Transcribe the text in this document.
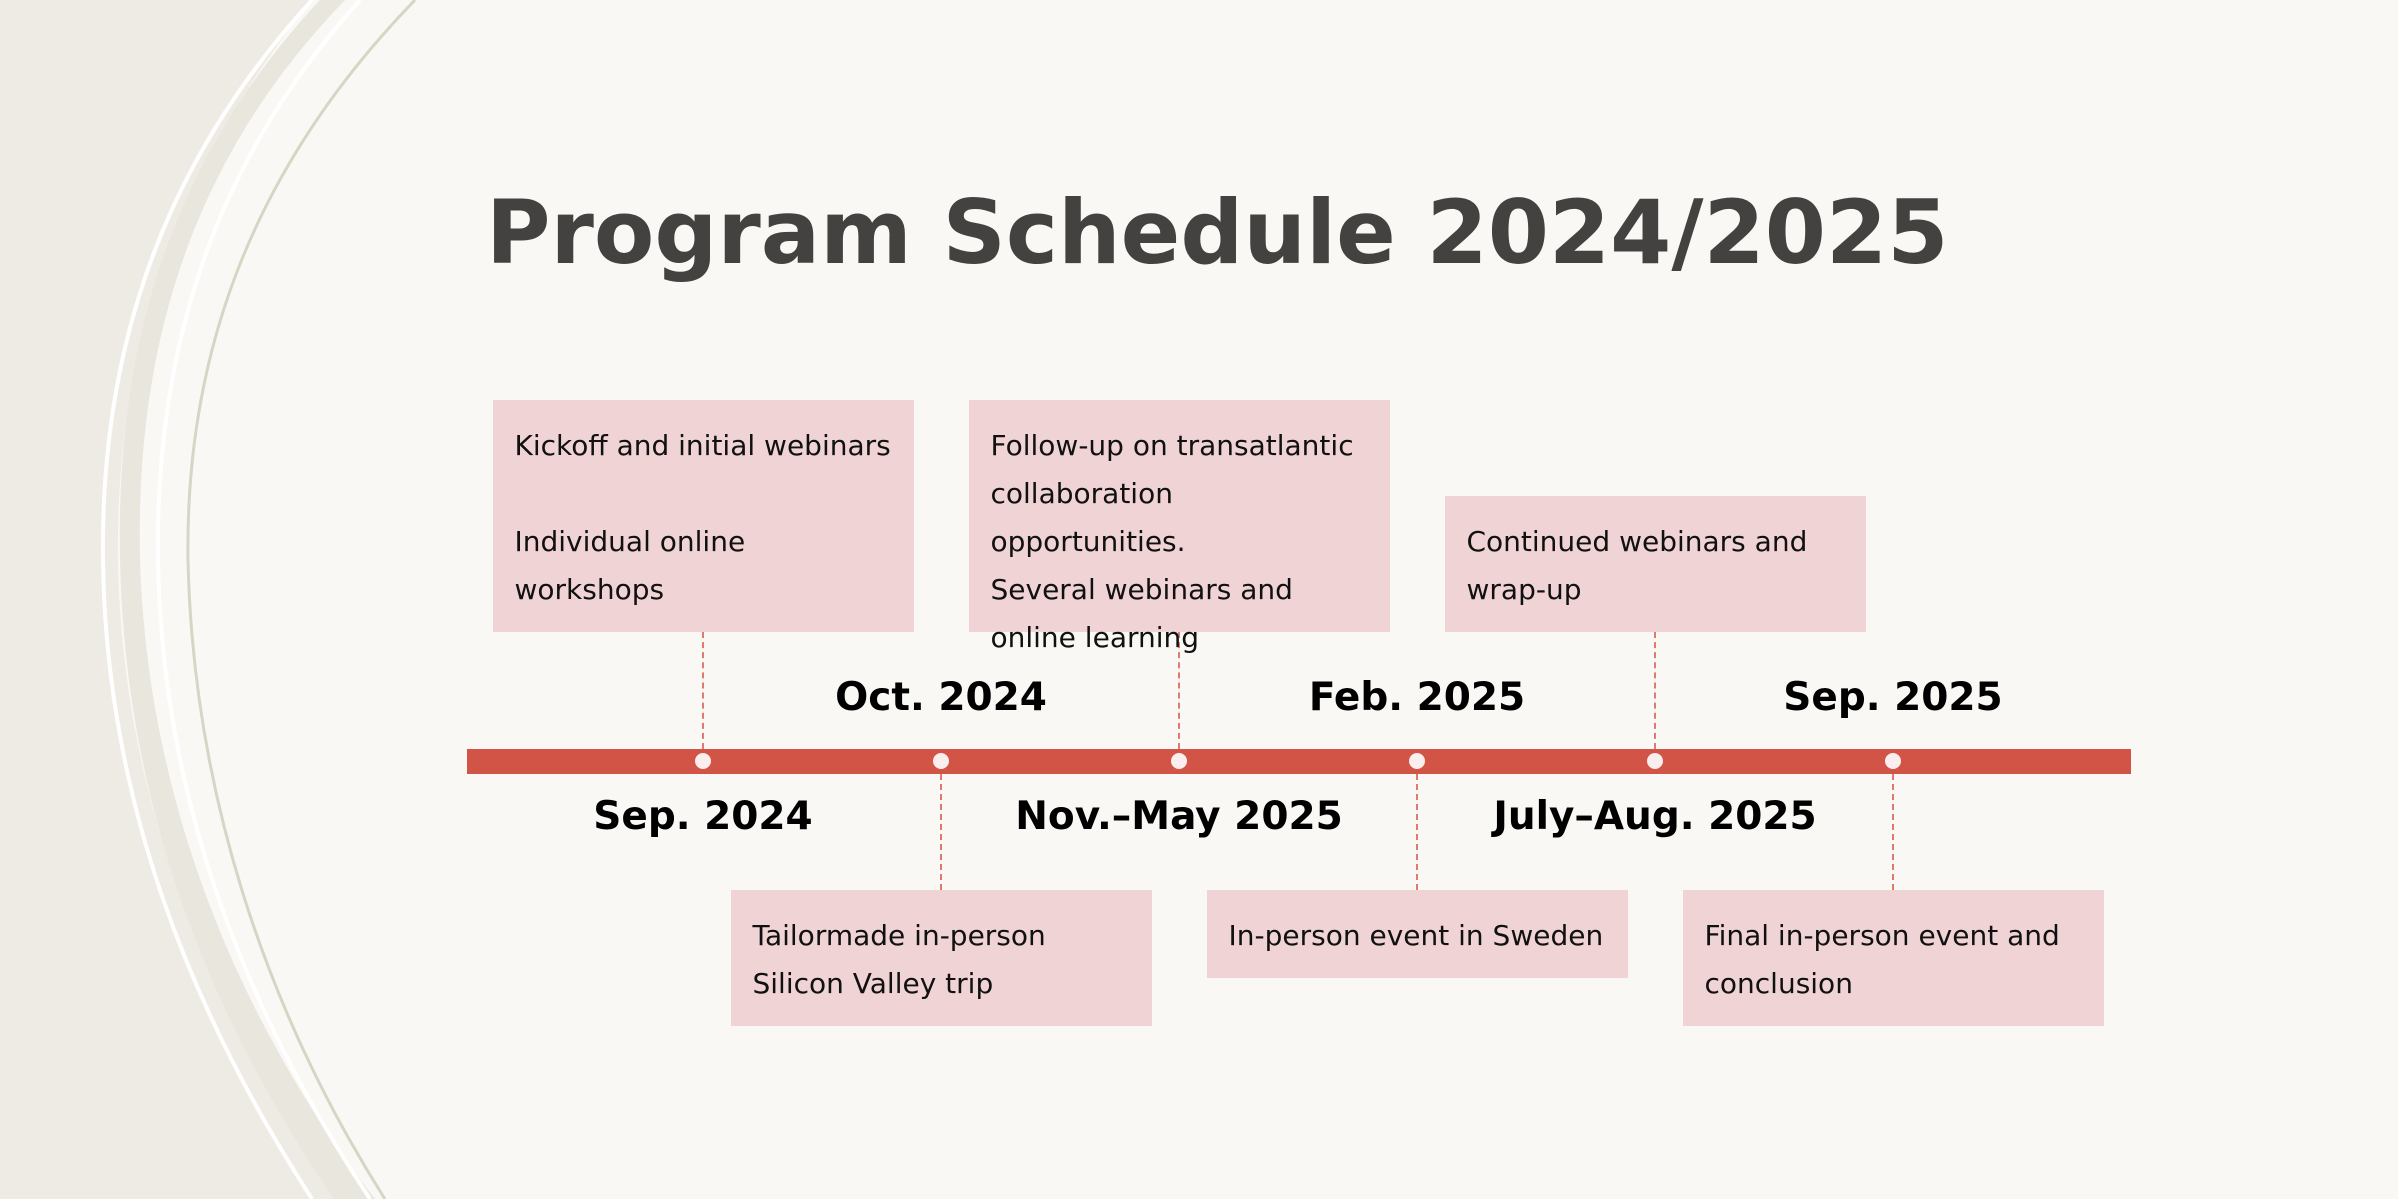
Program Schedule 2024/2025
Sep. 2024

Kickoff and initial webinars

Individual online

workshops

Oct. 2024

Tailormade in-person

Silicon Valley trip

Nov.–May 2025

Follow-up on transatlantic

collaboration opportunities.

Several webinars and

online learning

Feb. 2025

In-person event in Sweden

July–Aug. 2025

Continued webinars and

wrap-up

Sep. 2025

Final in-person event and

conclusion
